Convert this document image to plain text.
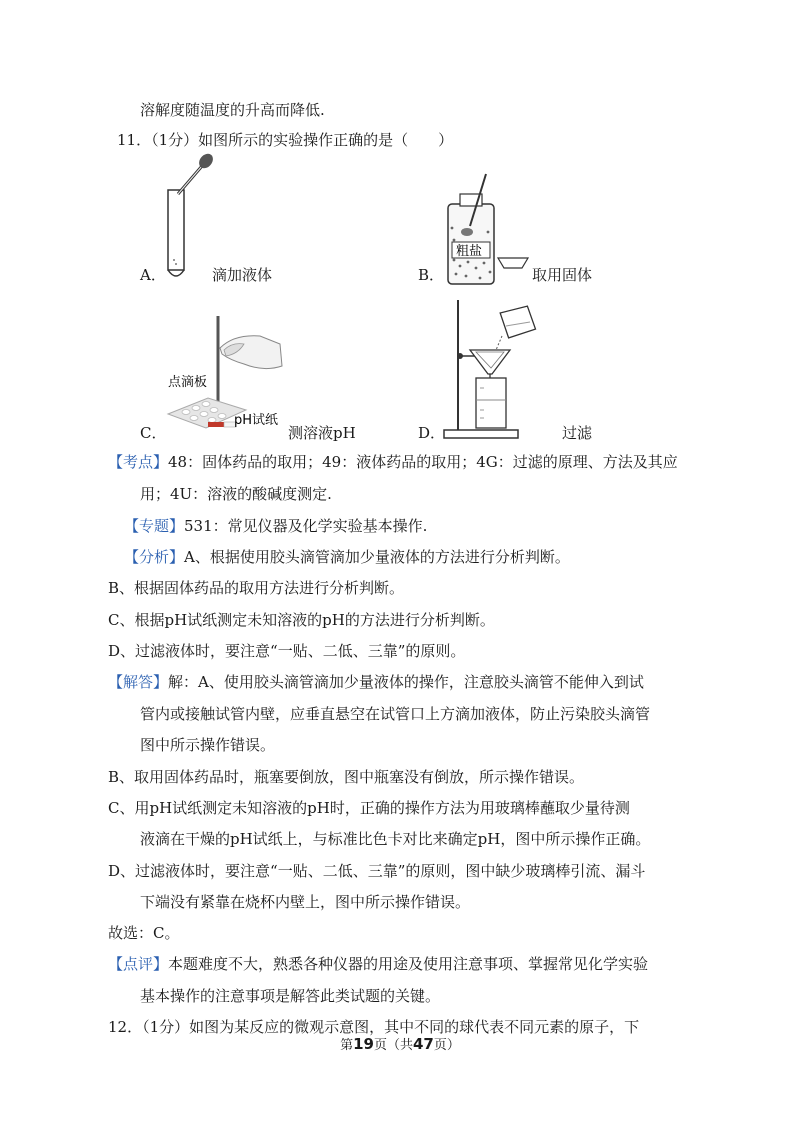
溶解度随温度的升高而降低.
11．（1分）如图所示的实验操作正确的是（　　）
A．	滴加液体
粗盐
B．	取用固体
点滴板
pH试纸
C．	测溶液pH	D．	过滤
【考点】48：固体药品的取用；49：液体药品的取用；4G：过滤的原理、方法及其应
用；4U：溶液的酸碱度测定.
【专题】531：常见仪器及化学实验基本操作.
【分析】A、根据使用胶头滴管滴加少量液体的方法进行分析判断。
B、根据固体药品的取用方法进行分析判断。
C、根据pH试纸测定未知溶液的pH的方法进行分析判断。
D、过滤液体时，要注意“一贴、二低、三靠”的原则。
【解答】解：A、使用胶头滴管滴加少量液体的操作，注意胶头滴管不能伸入到试
管内或接触试管内壁，应垂直悬空在试管口上方滴加液体，防止污染胶头滴管
图中所示操作错误。
B、取用固体药品时，瓶塞要倒放，图中瓶塞没有倒放，所示操作错误。
C、用pH试纸测定未知溶液的pH时，正确的操作方法为用玻璃棒蘸取少量待测
液滴在干燥的pH试纸上，与标准比色卡对比来确定pH，图中所示操作正确。
D、过滤液体时，要注意“一贴、二低、三靠”的原则，图中缺少玻璃棒引流、漏斗
下端没有紧靠在烧杯内壁上，图中所示操作错误。
故选：C。
【点评】本题难度不大，熟悉各种仪器的用途及使用注意事项、掌握常见化学实验
基本操作的注意事项是解答此类试题的关键。
12．（1分）如图为某反应的微观示意图，其中不同的球代表不同元素的原子，下
第19页（共47页）
